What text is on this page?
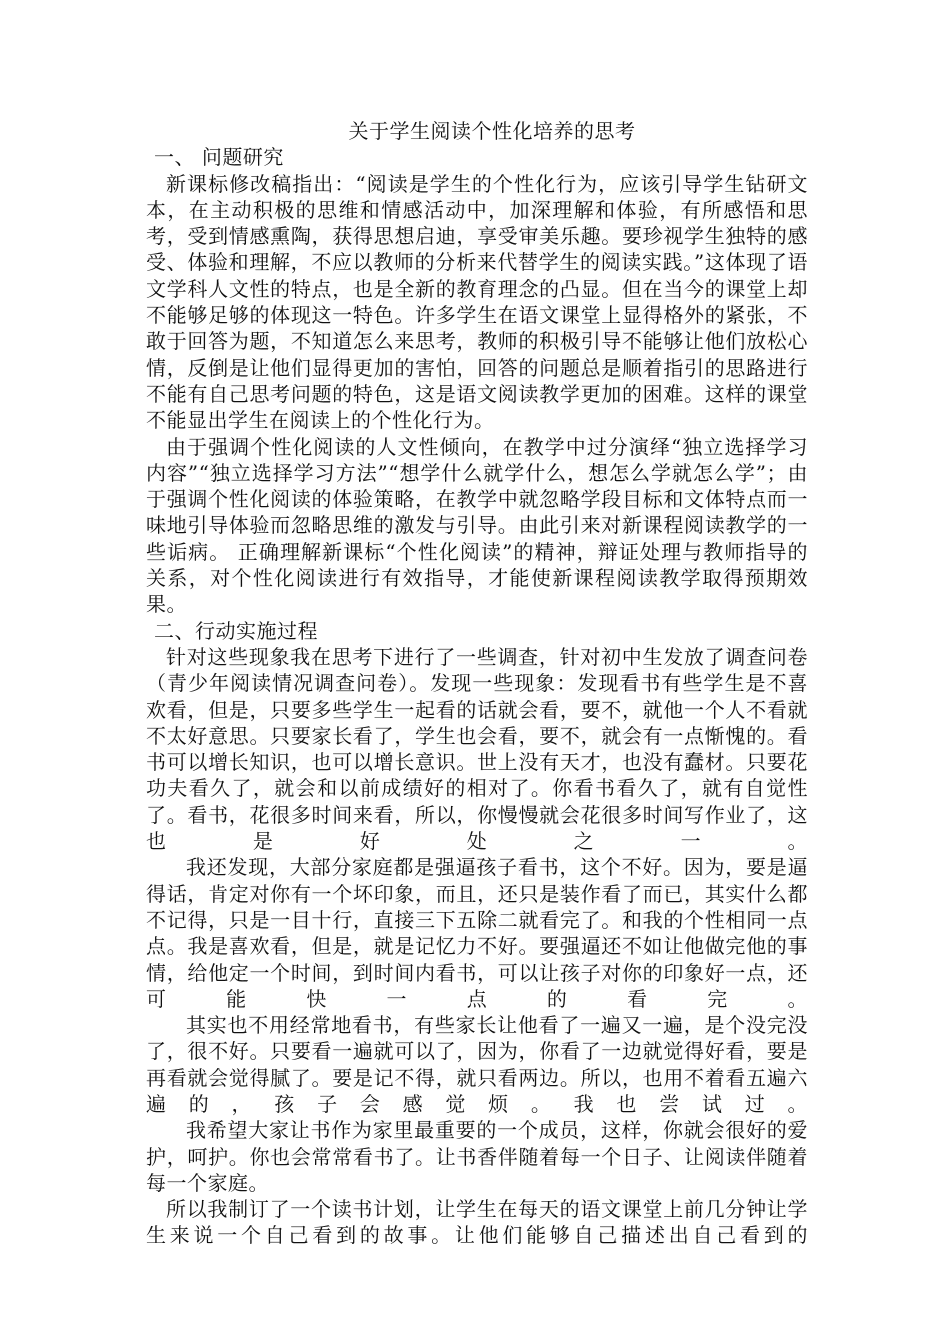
关于学生阅读个性化培养的思考
一、 问题研究

新课标修改稿指出：“阅读是学生的个性化行为，应该引导学生钻研文本，在主动积极的思维和情感活动中，加深理解和体验，有所感悟和思考，受到情感熏陶，获得思想启迪，享受审美乐趣。要珍视学生独特的感受、体验和理解，不应以教师的分析来代替学生的阅读实践。”这体现了语文学科人文性的特点，也是全新的教育理念的凸显。但在当今的课堂上却不能够足够的体现这一特色。许多学生在语文课堂上显得格外的紧张，不敢于回答为题，不知道怎么来思考，教师的积极引导不能够让他们放松心情，反倒是让他们显得更加的害怕，回答的问题总是顺着指引的思路进行不能有自己思考问题的特色，这是语文阅读教学更加的困难。这样的课堂不能显出学生在阅读上的个性化行为。

由于强调个性化阅读的人文性倾向，在教学中过分演绎“独立选择学习内容”“独立选择学习方法”“想学什么就学什么，想怎么学就怎么学”；由于强调个性化阅读的体验策略，在教学中就忽略学段目标和文体特点而一味地引导体验而忽略思维的激发与引导。由此引来对新课程阅读教学的一些诟病。 正确理解新课标“个性化阅读”的精神，辩证处理与教师指导的关系，对个性化阅读进行有效指导，才能使新课程阅读教学取得预期效果。

二、行动实施过程

针对这些现象我在思考下进行了一些调查，针对初中生发放了调查问卷（青少年阅读情况调查问卷）。发现一些现象：发现看书有些学生是不喜欢看，但是，只要多些学生一起看的话就会看，要不，就他一个人不看就不太好意思。只要家长看了，学生也会看，要不，就会有一点惭愧的。看书可以增长知识，也可以增长意识。世上没有天才，也没有蠢材。只要花功夫看久了，就会和以前成绩好的相对了。你看书看久了，就有自觉性了。看书，花很多时间来看，所以，你慢慢就会花很多时间写作业了，这也是好处之一。

我还发现，大部分家庭都是强逼孩子看书，这个不好。因为，要是逼得话，肯定对你有一个坏印象，而且，还只是装作看了而已，其实什么都不记得，只是一目十行，直接三下五除二就看完了。和我的个性相同一点点。我是喜欢看，但是，就是记忆力不好。要强逼还不如让他做完他的事情，给他定一个时间，到时间内看书，可以让孩子对你的印象好一点，还可能快一点的看完。

其实也不用经常地看书，有些家长让他看了一遍又一遍，是个没完没了，很不好。只要看一遍就可以了，因为，你看了一边就觉得好看，要是再看就会觉得腻了。要是记不得，就只看两边。所以，也用不着看五遍六遍的，孩子会感觉烦。我也尝试过。

我希望大家让书作为家里最重要的一个成员，这样，你就会很好的爱护，呵护。你也会常常看书了。让书香伴随着每一个日子、让阅读伴随着每一个家庭。

所以我制订了一个读书计划，让学生在每天的语文课堂上前几分钟让学生来说一个自己看到的故事。让他们能够自己描述出自己看到的
